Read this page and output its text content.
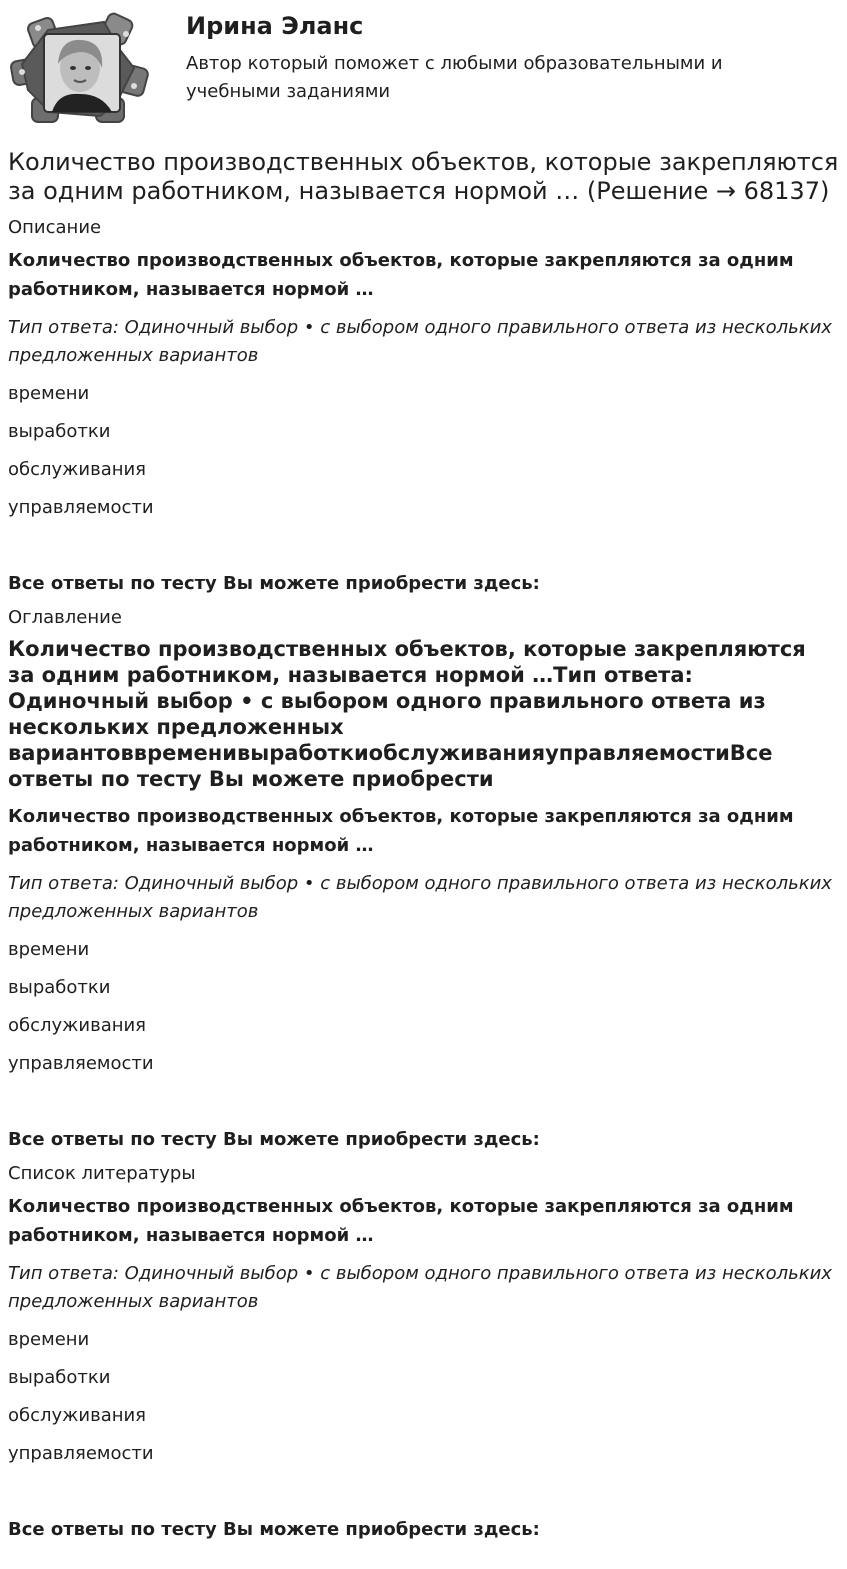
Ирина Эланс

Автор который поможет с любыми образовательными и учебными заданиями

Количество производственных объектов, которые закрепляются за одним работником, называется нормой … (Решение → 68137)
Описание

Количество производственных объектов, которые закрепляются за одним работником, называется нормой …

Тип ответа: Одиночный выбор • с выбором одного правильного ответа из нескольких предложенных вариантов

времени

выработки

обслуживания

управляемости

Все ответы по тесту Вы можете приобрести здесь:

Оглавление
Количество производственных объектов, которые закрепляются за одним работником, называется нормой …Тип ответа: Одиночный выбор • с выбором одного правильного ответа из нескольких предложенных вариантоввременивыработкиобслуживанияуправляемостиВсе ответы по тесту Вы можете приобрести

Количество производственных объектов, которые закрепляются за одним работником, называется нормой …

Тип ответа: Одиночный выбор • с выбором одного правильного ответа из нескольких предложенных вариантов

времени

выработки

обслуживания

управляемости

Все ответы по тесту Вы можете приобрести здесь:

Список литературы

Количество производственных объектов, которые закрепляются за одним работником, называется нормой …

Тип ответа: Одиночный выбор • с выбором одного правильного ответа из нескольких предложенных вариантов

времени

выработки

обслуживания

управляемости

Все ответы по тесту Вы можете приобрести здесь:
